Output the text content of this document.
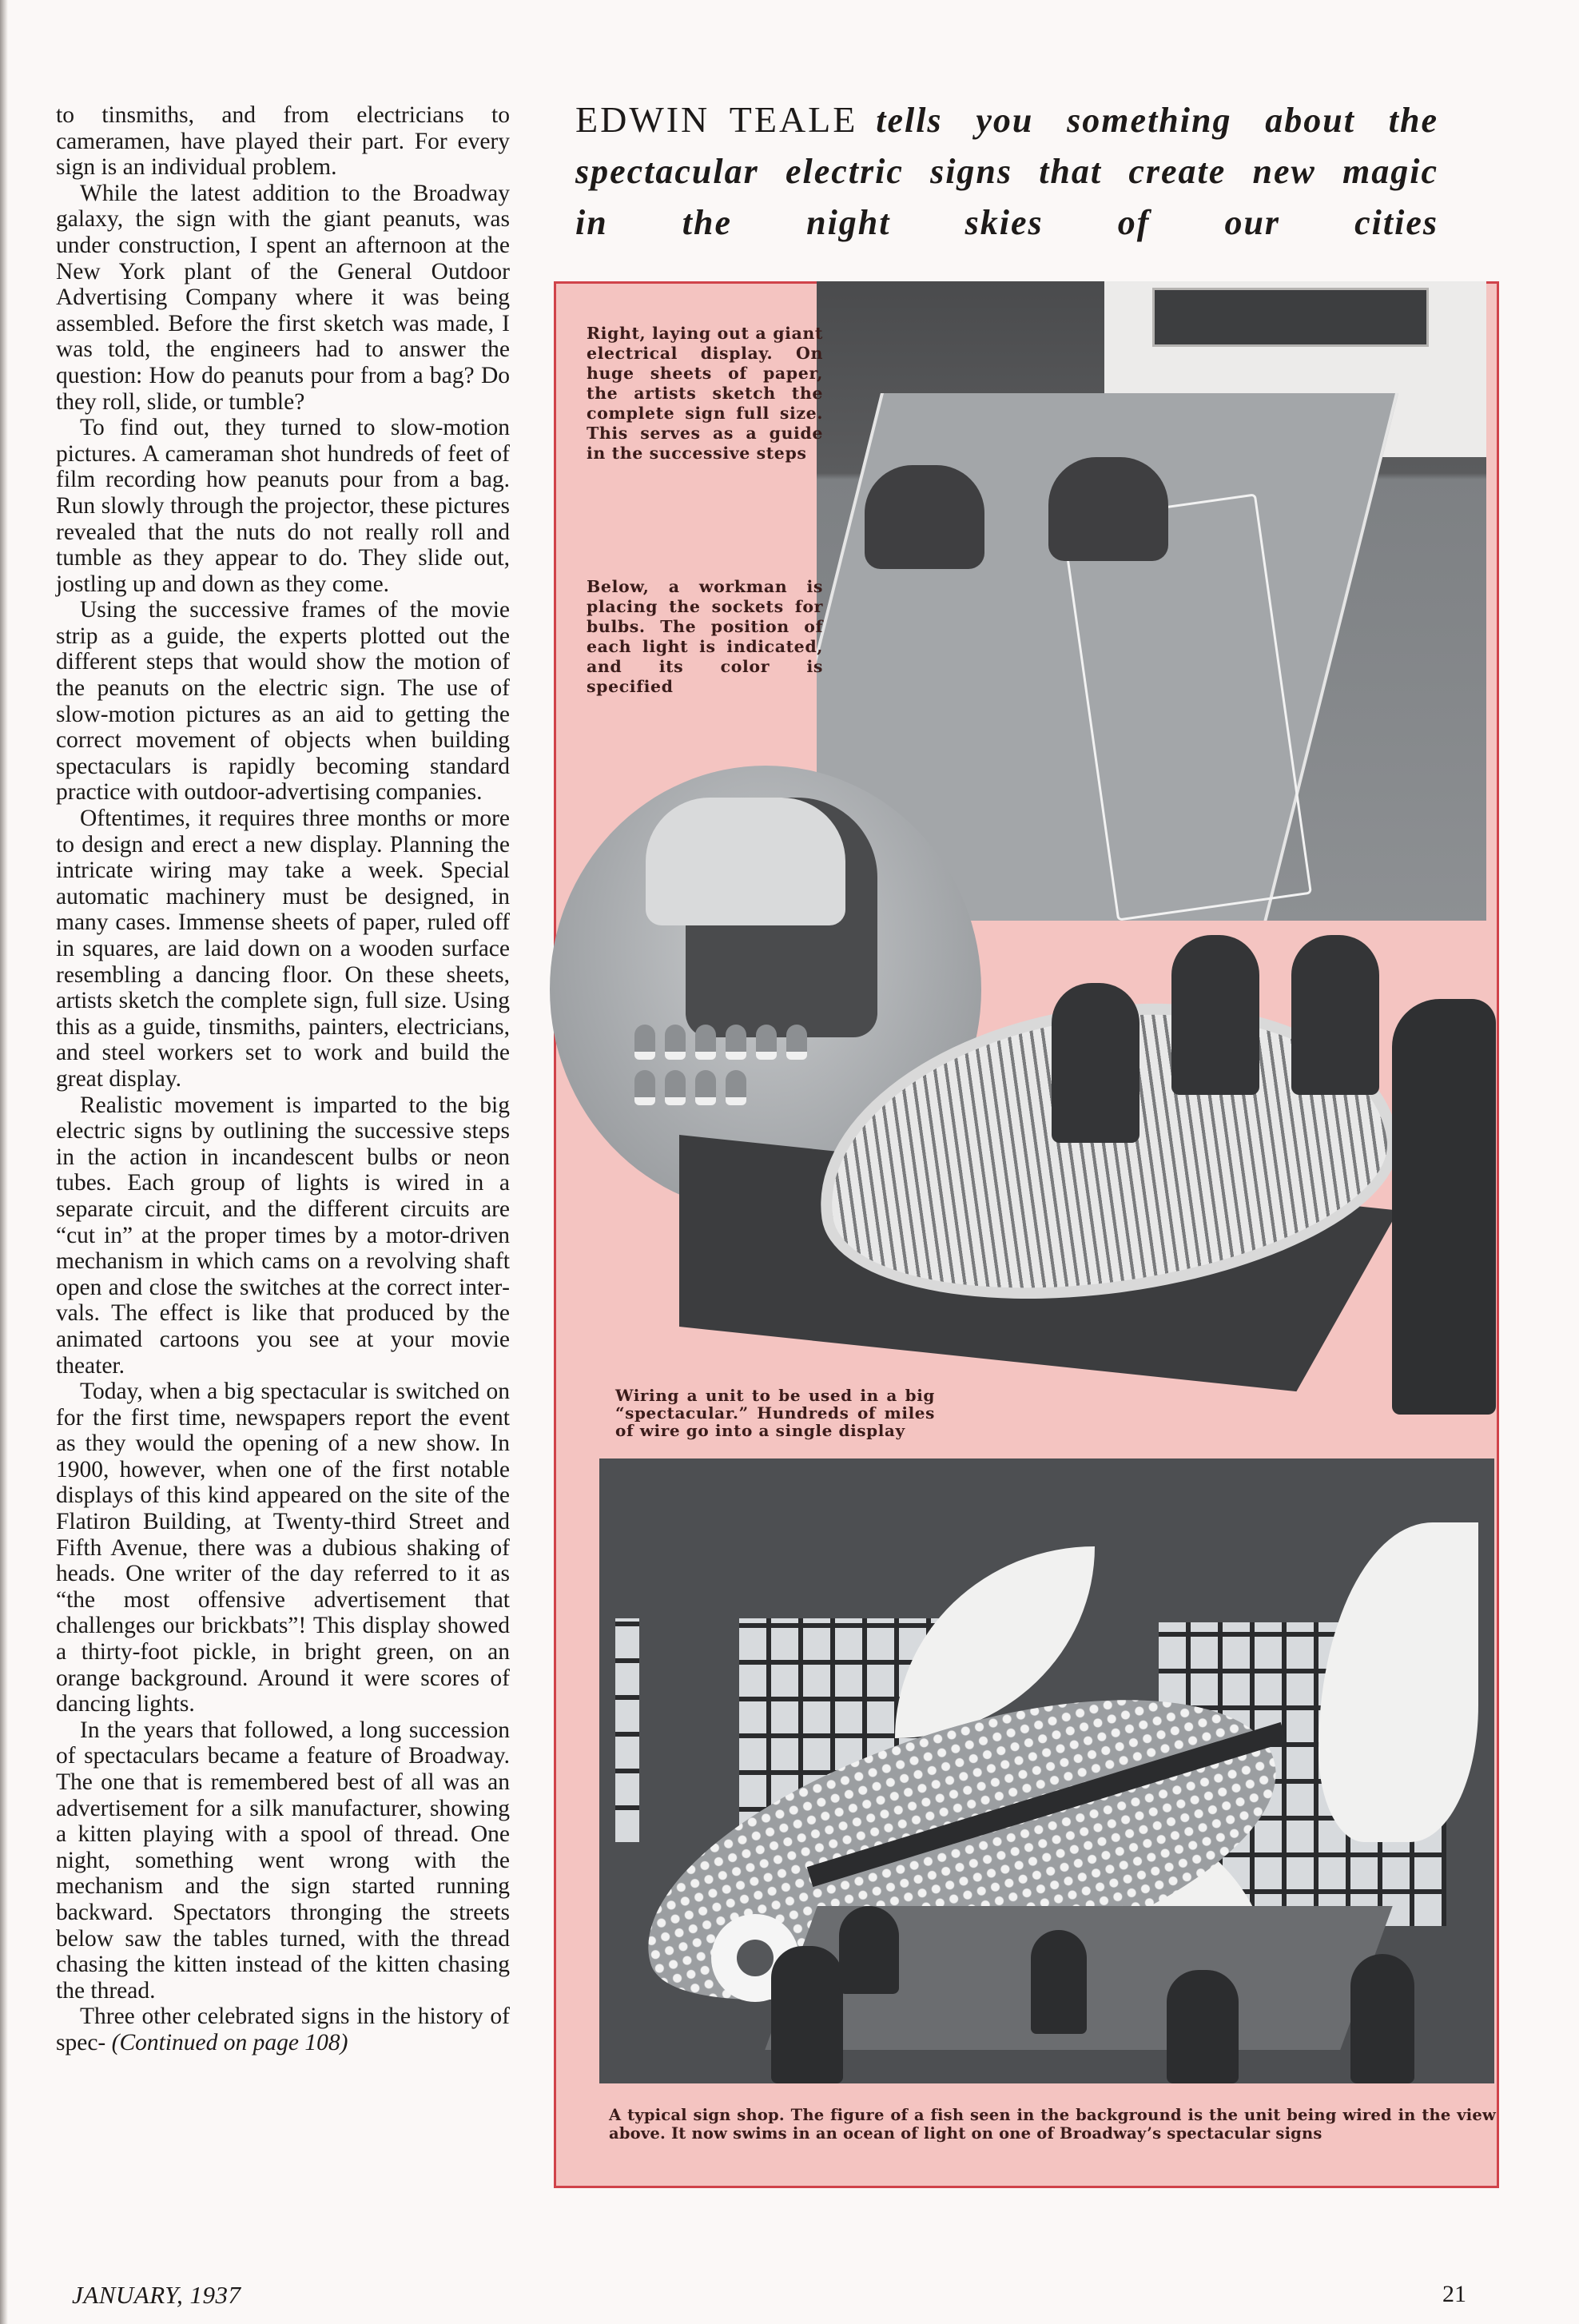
to tinsmiths, and from electricians to cameramen, have played their part. For every sign is an individual problem.

While the latest addition to the Broadway galaxy, the sign with the giant peanuts, was under construction, I spent an afternoon at the New York plant of the General Outdoor Advertising Company where it was being assembled. Before the first sketch was made, I was told, the engineers had to answer the question: How do peanuts pour from a bag? Do they roll, slide, or tumble?

To find out, they turned to slow-motion pictures. A cameraman shot hundreds of feet of film recording how peanuts pour from a bag. Run slowly through the projector, these pictures revealed that the nuts do not really roll and tumble as they appear to do. They slide out, jostling up and down as they come.

Using the successive frames of the movie strip as a guide, the experts plotted out the different steps that would show the motion of the peanuts on the electric sign. The use of slow-motion pictures as an aid to getting the correct movement of objects when building spectaculars is rapidly becoming standard practice with outdoor-advertising companies.

Oftentimes, it requires three months or more to design and erect a new display. Planning the intricate wiring may take a week. Special automatic machinery must be designed, in many cases. Immense sheets of paper, ruled off in squares, are laid down on a wooden surface resembling a dancing floor. On these sheets, artists sketch the complete sign, full size. Using this as a guide, tinsmiths, painters, electricians, and steel workers set to work and build the great display.

Realistic movement is imparted to the big electric signs by outlining the successive steps in the action in incandescent bulbs or neon tubes. Each group of lights is wired in a separate circuit, and the different circuits are “cut in” at the proper times by a motor-driven mechanism in which cams on a revolving shaft open and close the switches at the correct intervals. The effect is like that produced by the animated cartoons you see at your movie theater.

Today, when a big spectacular is switched on for the first time, newspapers report the event as they would the opening of a new show. In 1900, however, when one of the first notable displays of this kind appeared on the site of the Flatiron Building, at Twenty-third Street and Fifth Avenue, there was a dubious shaking of heads. One writer of the day referred to it as “the most offensive advertisement that challenges our brickbats”! This display showed a thirty-foot pickle, in bright green, on an orange background. Around it were scores of dancing lights.

In the years that followed, a long succession of spectaculars became a feature of Broadway. The one that is remembered best of all was an advertisement for a silk manufacturer, showing a kitten playing with a spool of thread. One night, something went wrong with the mechanism and the sign started running backward. Spectators thronging the streets below saw the tables turned, with the thread chasing the kitten instead of the kitten chasing the thread.

Three other celebrated signs in the history of spec- (Continued on page 108)

EDWIN TEALE tells you something about the spectacular electric signs that create new magic in the night skies of our cities

Right, laying out a giant electrical display. On huge sheets of paper, the artists sketch the complete sign full size. This serves as a guide in the successive steps
Below, a workman is placing the sockets for bulbs. The position of each light is indicated, and its color is specified
Wiring a unit to be used in a big “spectacular.” Hundreds of miles of wire go into a single display
A typical sign shop. The figure of a fish seen in the background is the unit being wired in the view above. It now swims in an ocean of light on one of Broadway’s spectacular signs
JANUARY, 1937	21
